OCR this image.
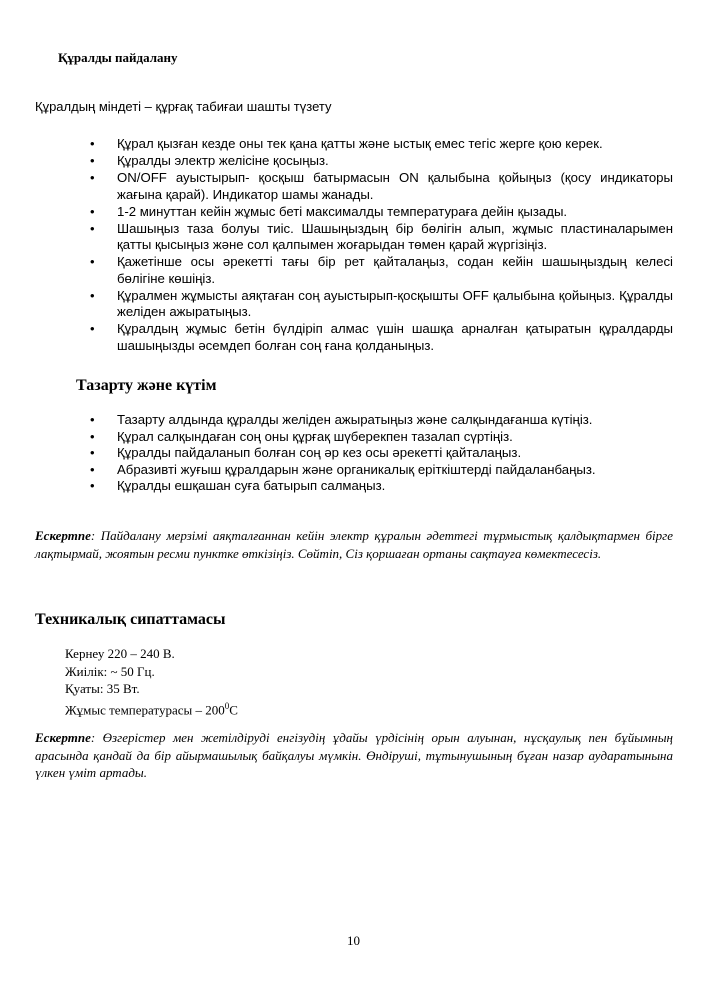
Құралды пайдалану
Құралдың міндеті – құрғақ табиғаи шашты түзету
• Құрал қызған кезде оны тек қана қатты және ыстық емес тегіс жерге қою керек.
• Құралды электр желісіне қосыңыз.
• ON/OFF ауыстырып- қосқыш батырмасын ON қалыбына қойыңыз (қосу индикаторы жағына қарай). Индикатор шамы жанады.
• 1-2 минуттан кейін жұмыс беті максималды температураға дейін қызады.
• Шашыңыз таза болуы тиіс. Шашыңыздың бір бөлігін алып, жұмыс пластиналарымен қатты қысыңыз және сол қалпымен жоғарыдан төмен қарай жүргізіңіз.
• Қажетінше осы әрекетті тағы бір рет қайталаңыз, содан кейін шашыңыздың келесі бөлігіне көшіңіз.
• Құралмен жұмысты аяқтаған соң ауыстырып-қосқышты OFF қалыбына қойыңыз. Құралды желіден ажыратыңыз.
• Құралдың жұмыс бетін бүлдіріп алмас үшін шашқа арналған қатыратын құралдарды шашыңызды әсемдеп болған соң ғана қолданыңыз.
Тазарту және күтім
• Тазарту алдында құралды желіден ажыратыңыз және салқындағанша күтіңіз.
• Құрал салқындаған соң оны құрғақ шүберекпен тазалап сүртіңіз.
• Құралды пайдаланып болған соң әр кез осы әрекетті қайталаңыз.
• Абразивті жуғыш құралдарын және органикалық еріткіштерді пайдаланбаңыз.
• Құралды ешқашан суға батырып салмаңыз.
Ескертпе: Пайдалану мерзімі аяқталғаннан кейін электр құралын әдеттегі тұрмыстық қалдықтармен бірге лақтырмай, жоятын ресми пунктке өткізіңіз. Сөйтіп, Сіз қоршаған ортаны сақтауға көмектесесіз.
Техникалық сипаттамасы
Кернеу 220 – 240 В.
Жиілік: ~ 50 Гц.
Қуаты: 35 Вт.
Жұмыс температурасы – $200^0С$
Ескертпе: Өзгерістер мен жетілдіруді енгізудің ұдайы үрдісінің орын алуынан, нұсқаулық пен бұйымның арасында қандай да бір айырмашылық байқалуы мүмкін. Өндіруші, тұтынушының бұған назар аударатынына үлкен үміт артады.
10
